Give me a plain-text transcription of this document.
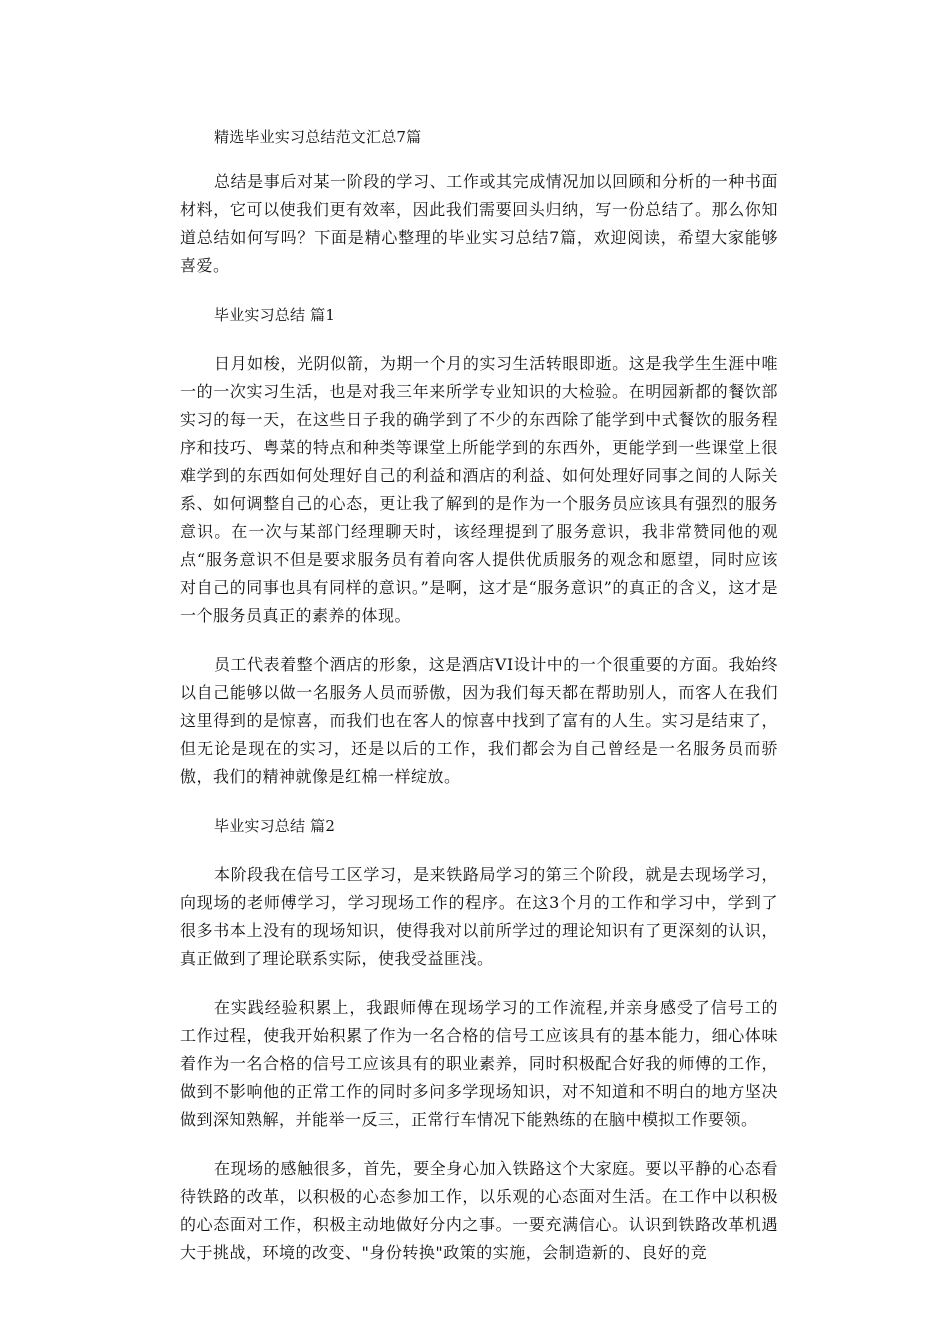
精选毕业实习总结范文汇总7篇

总结是事后对某一阶段的学习、工作或其完成情况加以回顾和分析的一种书面材料，它可以使我们更有效率，因此我们需要回头归纳，写一份总结了。那么你知道总结如何写吗？下面是精心整理的毕业实习总结7篇，欢迎阅读，希望大家能够喜爱。

毕业实习总结 篇1

日月如梭，光阴似箭，为期一个月的实习生活转眼即逝。这是我学生生涯中唯一的一次实习生活，也是对我三年来所学专业知识的大检验。在明园新都的餐饮部实习的每一天，在这些日子我的确学到了不少的东西除了能学到中式餐饮的服务程序和技巧、粤菜的特点和种类等课堂上所能学到的东西外，更能学到一些课堂上很难学到的东西如何处理好自己的利益和酒店的利益、如何处理好同事之间的人际关系、如何调整自己的心态，更让我了解到的是作为一个服务员应该具有强烈的服务意识。在一次与某部门经理聊天时，该经理提到了服务意识，我非常赞同他的观点“服务意识不但是要求服务员有着向客人提供优质服务的观念和愿望，同时应该对自己的同事也具有同样的意识。”是啊，这才是“服务意识”的真正的含义，这才是一个服务员真正的素养的体现。

员工代表着整个酒店的形象，这是酒店VI设计中的一个很重要的方面。我始终以自己能够以做一名服务人员而骄傲，因为我们每天都在帮助别人，而客人在我们这里得到的是惊喜，而我们也在客人的惊喜中找到了富有的人生。实习是结束了，但无论是现在的实习，还是以后的工作，我们都会为自己曾经是一名服务员而骄傲，我们的精神就像是红棉一样绽放。

毕业实习总结 篇2

本阶段我在信号工区学习，是来铁路局学习的第三个阶段，就是去现场学习，向现场的老师傅学习，学习现场工作的程序。在这3个月的工作和学习中，学到了很多书本上没有的现场知识，使得我对以前所学过的理论知识有了更深刻的认识，真正做到了理论联系实际，使我受益匪浅。

在实践经验积累上，我跟师傅在现场学习的工作流程,并亲身感受了信号工的工作过程，使我开始积累了作为一名合格的信号工应该具有的基本能力，细心体味着作为一名合格的信号工应该具有的职业素养，同时积极配合好我的师傅的工作，做到不影响他的正常工作的同时多问多学现场知识，对不知道和不明白的地方坚决做到深知熟解，并能举一反三，正常行车情况下能熟练的在脑中模拟工作要领。

在现场的感触很多，首先，要全身心加入铁路这个大家庭。要以平静的心态看待铁路的改革，以积极的心态参加工作，以乐观的心态面对生活。在工作中以积极的心态面对工作，积极主动地做好分内之事。一要充满信心。认识到铁路改革机遇大于挑战，环境的改变、"身份转换"政策的实施，会制造新的、良好的竞
